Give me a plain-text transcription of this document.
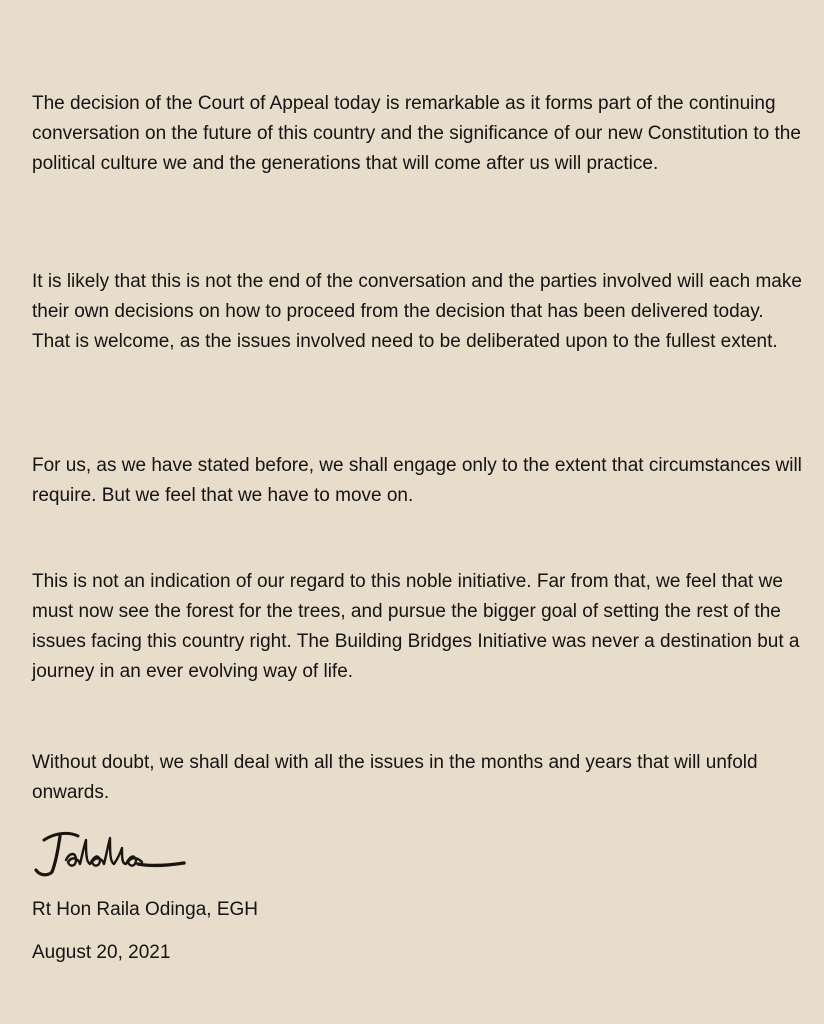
The decision of the Court of Appeal today is remarkable as it forms part of the continuing conversation on the future of this country and the significance of our new Constitution to the political culture we and the generations that will come after us will practice.

It is likely that this is not the end of the conversation and the parties involved will each make their own decisions on how to proceed from the decision that has been delivered today. That is welcome, as the issues involved need to be deliberated upon to the fullest extent.

For us, as we have stated before, we shall engage only to the extent that circumstances will require. But we feel that we have to move on.

This is not an indication of our regard to this noble initiative. Far from that, we feel that we must now see the forest for the trees, and pursue the bigger goal of setting the rest of the issues facing this country right. The Building Bridges Initiative was never a destination but a journey in an ever evolving way of life.

Without doubt, we shall deal with all the issues in the months and years that will unfold onwards.

Rt Hon Raila Odinga, EGH

August 20, 2021
